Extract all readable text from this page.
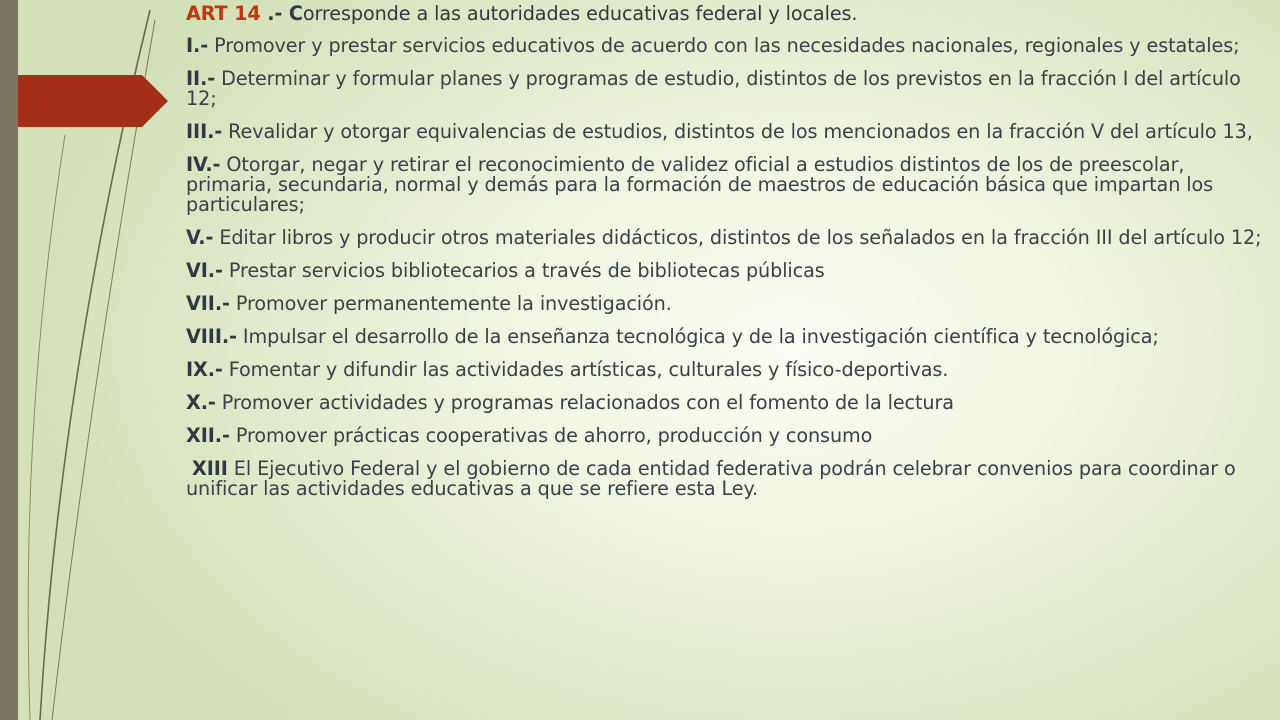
ART 14 .- Corresponde a las autoridades educativas federal y locales.

I.- Promover y prestar servicios educativos de acuerdo con las necesidades nacionales, regionales y estatales;

II.- Determinar y formular planes y programas de estudio, distintos de los previstos en la fracción I del artículo 12;

III.- Revalidar y otorgar equivalencias de estudios, distintos de los mencionados en la fracción V del artículo 13,

IV.- Otorgar, negar y retirar el reconocimiento de validez oficial a estudios distintos de los de preescolar, primaria, secundaria, normal y demás para la formación de maestros de educación básica que impartan los particulares;

V.- Editar libros y producir otros materiales didácticos, distintos de los señalados en la fracción III del artículo 12;

VI.- Prestar servicios bibliotecarios a través de bibliotecas públicas

VII.- Promover permanentemente la investigación.

VIII.- Impulsar el desarrollo de la enseñanza tecnológica y de la investigación científica y tecnológica;

IX.- Fomentar y difundir las actividades artísticas, culturales y físico-deportivas.

X.- Promover actividades y programas relacionados con el fomento de la lectura

XII.- Promover prácticas cooperativas de ahorro, producción y consumo

XIII El Ejecutivo Federal y el gobierno de cada entidad federativa podrán celebrar convenios para coordinar o unificar las actividades educativas a que se refiere esta Ley.
